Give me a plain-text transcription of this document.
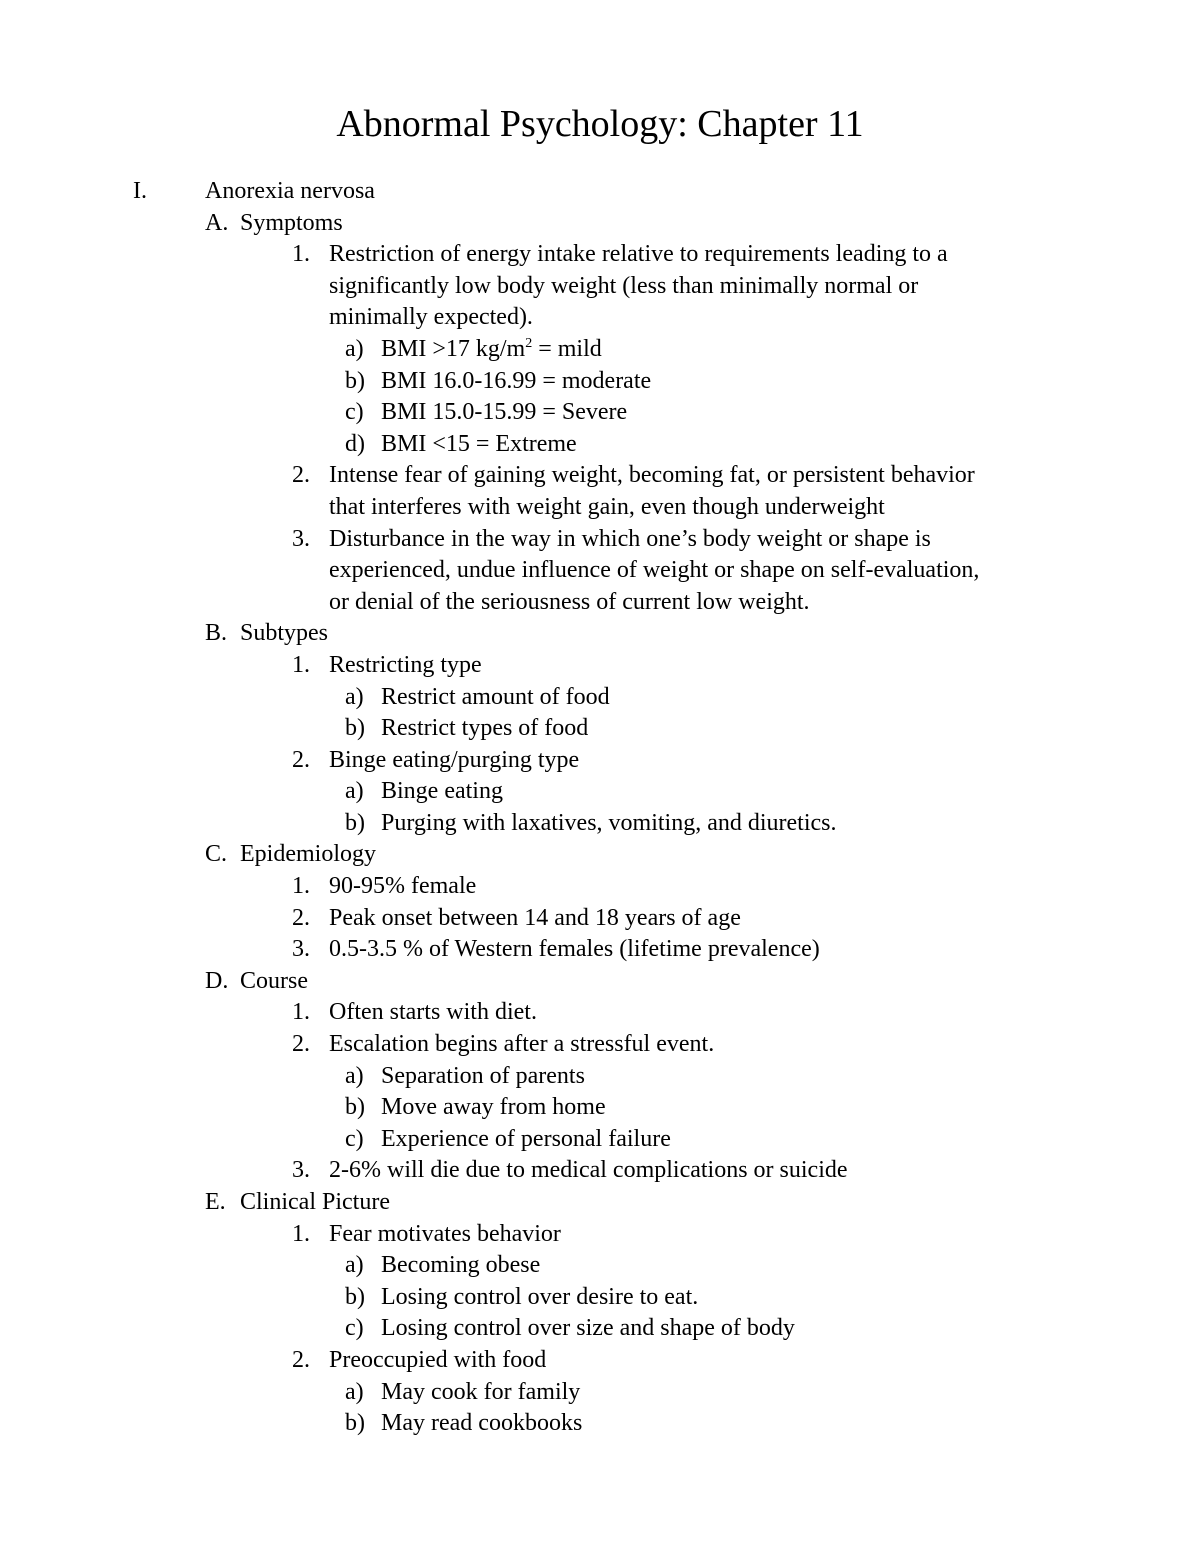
Abnormal Psychology: Chapter 11
I. Anorexia nervosa
A. Symptoms
1. Restriction of energy intake relative to requirements leading to a
significantly low body weight (less than minimally normal or
minimally expected).
a) BMI >17 $kg/m^2$ = mild
b) BMI 16.0-16.99 = moderate
c) BMI 15.0-15.99 = Severe
d) BMI <15 = Extreme
2. Intense fear of gaining weight, becoming fat, or persistent behavior
that interferes with weight gain, even though underweight
3. Disturbance in the way in which one’s body weight or shape is
experienced, undue influence of weight or shape on self-evaluation,
or denial of the seriousness of current low weight.
B. Subtypes
1. Restricting type
a) Restrict amount of food
b) Restrict types of food
2. Binge eating/purging type
a) Binge eating
b) Purging with laxatives, vomiting, and diuretics.
C. Epidemiology
1. 90-95% female
2. Peak onset between 14 and 18 years of age
3. 0.5-3.5 % of Western females (lifetime prevalence)
D. Course
1. Often starts with diet.
2. Escalation begins after a stressful event.
a) Separation of parents
b) Move away from home
c) Experience of personal failure
3. 2-6% will die due to medical complications or suicide
E. Clinical Picture
1. Fear motivates behavior
a) Becoming obese
b) Losing control over desire to eat.
c) Losing control over size and shape of body
2. Preoccupied with food
a) May cook for family
b) May read cookbooks
